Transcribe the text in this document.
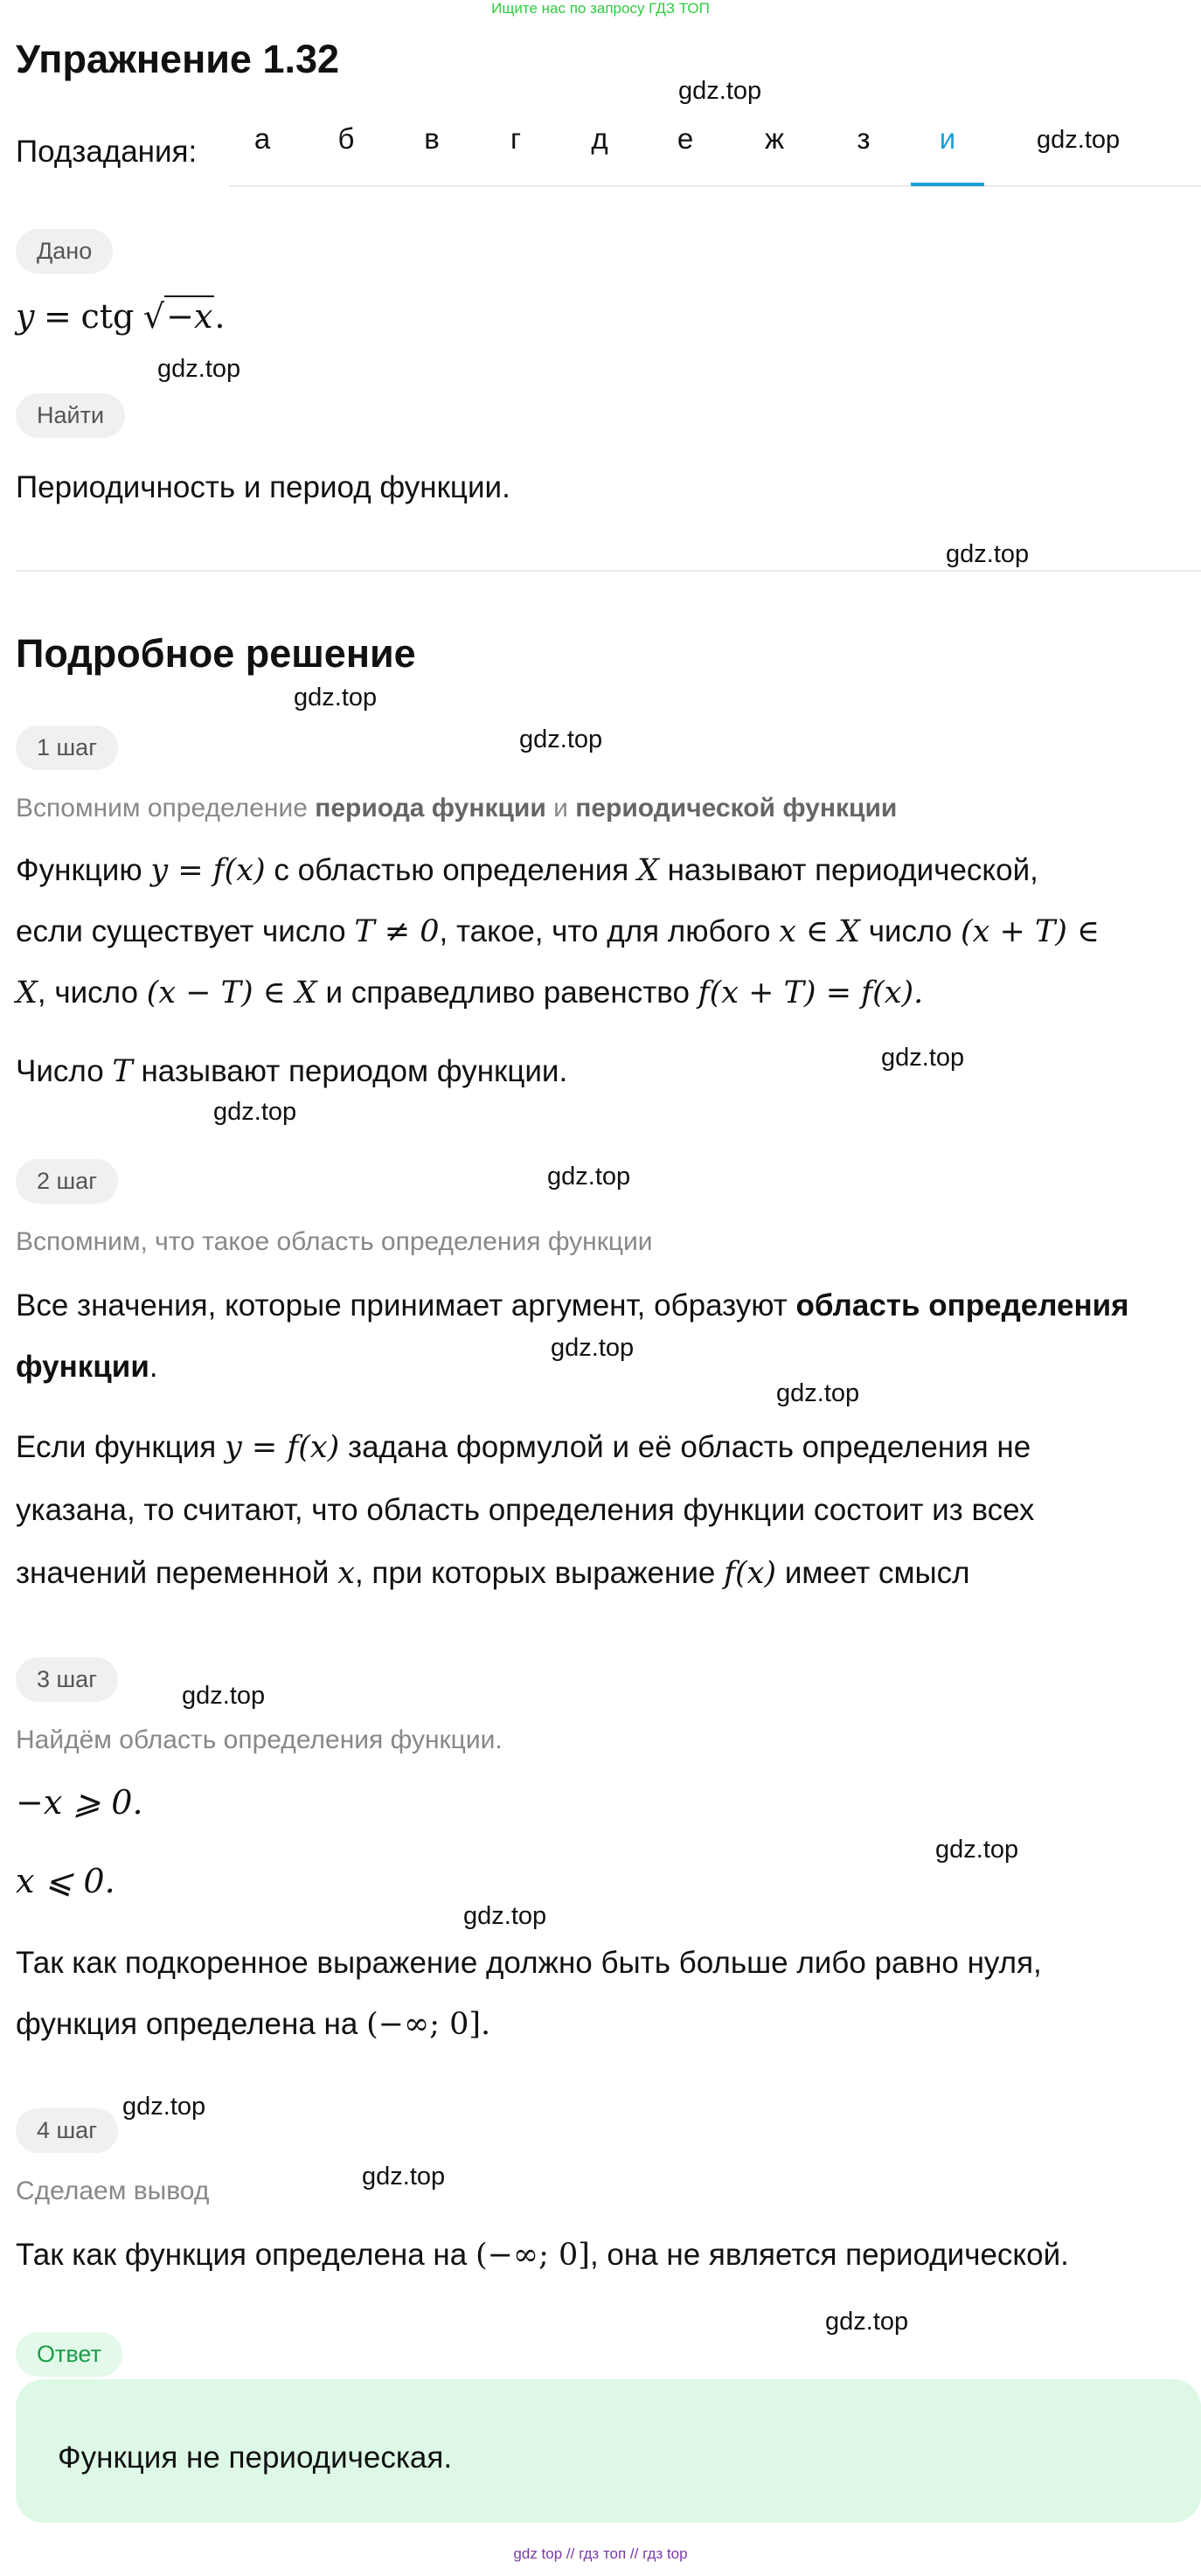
Ищите нас по запросу ГДЗ ТОП
Упражнение 1.32
gdz.top
gdz.top
gdz.top
gdz.top
gdz.top
gdz.top
gdz.top
gdz.top
gdz.top
gdz.top
gdz.top
gdz.top
gdz.top
gdz.top
gdz.top
gdz.top
gdz.top
Подзадания:	а	б	в	г	д	е	ж	з	и
Дано
y = ctg √−x.
Найти
Периодичность и период функции.
Подробное решение
1 шаг
Вспомним определение периода функции и периодической функции
Функцию y = f(x) с областью определения X называют периодической,
если существует число T ≠ 0, такое, что для любого x ∈ X число (x + T) ∈
X, число (x − T) ∈ X и справедливо равенство f(x + T) = f(x).
Число T называют периодом функции.
2 шаг
Вспомним, что такое область определения функции
Все значения, которые принимает аргумент, образуют область определения
функции.
Если функция y = f(x) задана формулой и её область определения не
указана, то считают, что область определения функции состоит из всех
значений переменной x, при которых выражение f(x) имеет смысл
3 шаг
Найдём область определения функции.
−x ⩾ 0.
x ⩽ 0.
Так как подкоренное выражение должно быть больше либо равно нуля,
функция определена на (−∞; 0].
4 шаг
Сделаем вывод
Так как функция определена на (−∞; 0], она не является периодической.
Ответ
Функция не периодическая.
gdz top // гдз топ // гдз top
